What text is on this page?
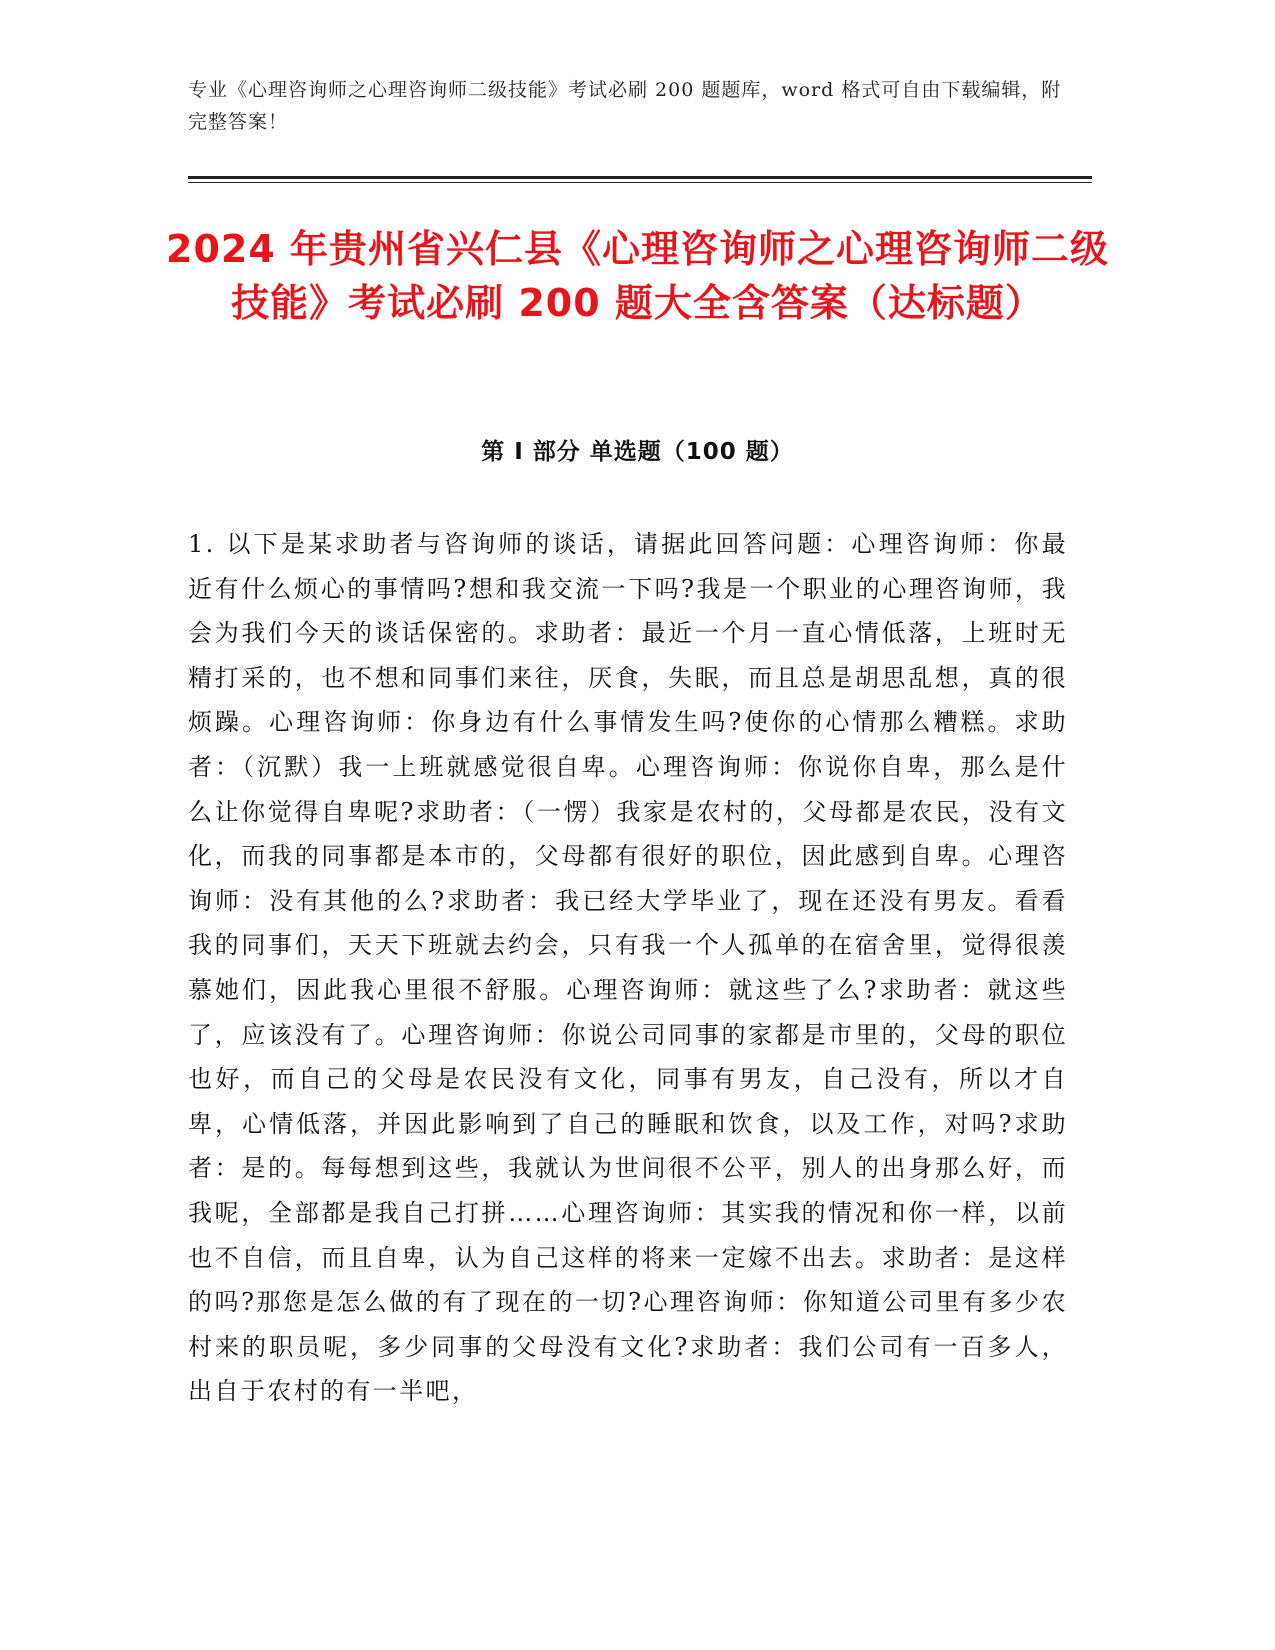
专业《心理咨询师之心理咨询师二级技能》考试必刷 200 题题库，word 格式可自由下载编辑，附完整答案！
2024 年贵州省兴仁县《心理咨询师之心理咨询师二级技能》考试必刷 200 题大全含答案（达标题）
第 I 部分 单选题（100 题）
1. 以下是某求助者与咨询师的谈话，请据此回答问题：心理咨询师：你最近有什么烦心的事情吗?想和我交流一下吗?我是一个职业的心理咨询师，我会为我们今天的谈话保密的。求助者：最近一个月一直心情低落，上班时无精打采的，也不想和同事们来往，厌食，失眠，而且总是胡思乱想，真的很烦躁。心理咨询师：你身边有什么事情发生吗?使你的心情那么糟糕。求助者：（沉默）我一上班就感觉很自卑。心理咨询师：你说你自卑，那么是什么让你觉得自卑呢?求助者：（一愣）我家是农村的，父母都是农民，没有文化，而我的同事都是本市的，父母都有很好的职位，因此感到自卑。心理咨询师：没有其他的么?求助者：我已经大学毕业了，现在还没有男友。看看我的同事们，天天下班就去约会，只有我一个人孤单的在宿舍里，觉得很羡慕她们，因此我心里很不舒服。心理咨询师：就这些了么?求助者：就这些了，应该没有了。心理咨询师：你说公司同事的家都是市里的，父母的职位也好，而自己的父母是农民没有文化，同事有男友，自己没有，所以才自卑，心情低落，并因此影响到了自己的睡眠和饮食，以及工作，对吗?求助者：是的。每每想到这些，我就认为世间很不公平，别人的出身那么好，而我呢，全部都是我自己打拼……心理咨询师：其实我的情况和你一样，以前也不自信，而且自卑，认为自己这样的将来一定嫁不出去。求助者：是这样的吗?那您是怎么做的有了现在的一切?心理咨询师：你知道公司里有多少农村来的职员呢，多少同事的父母没有文化?求助者：我们公司有一百多人，出自于农村的有一半吧，
